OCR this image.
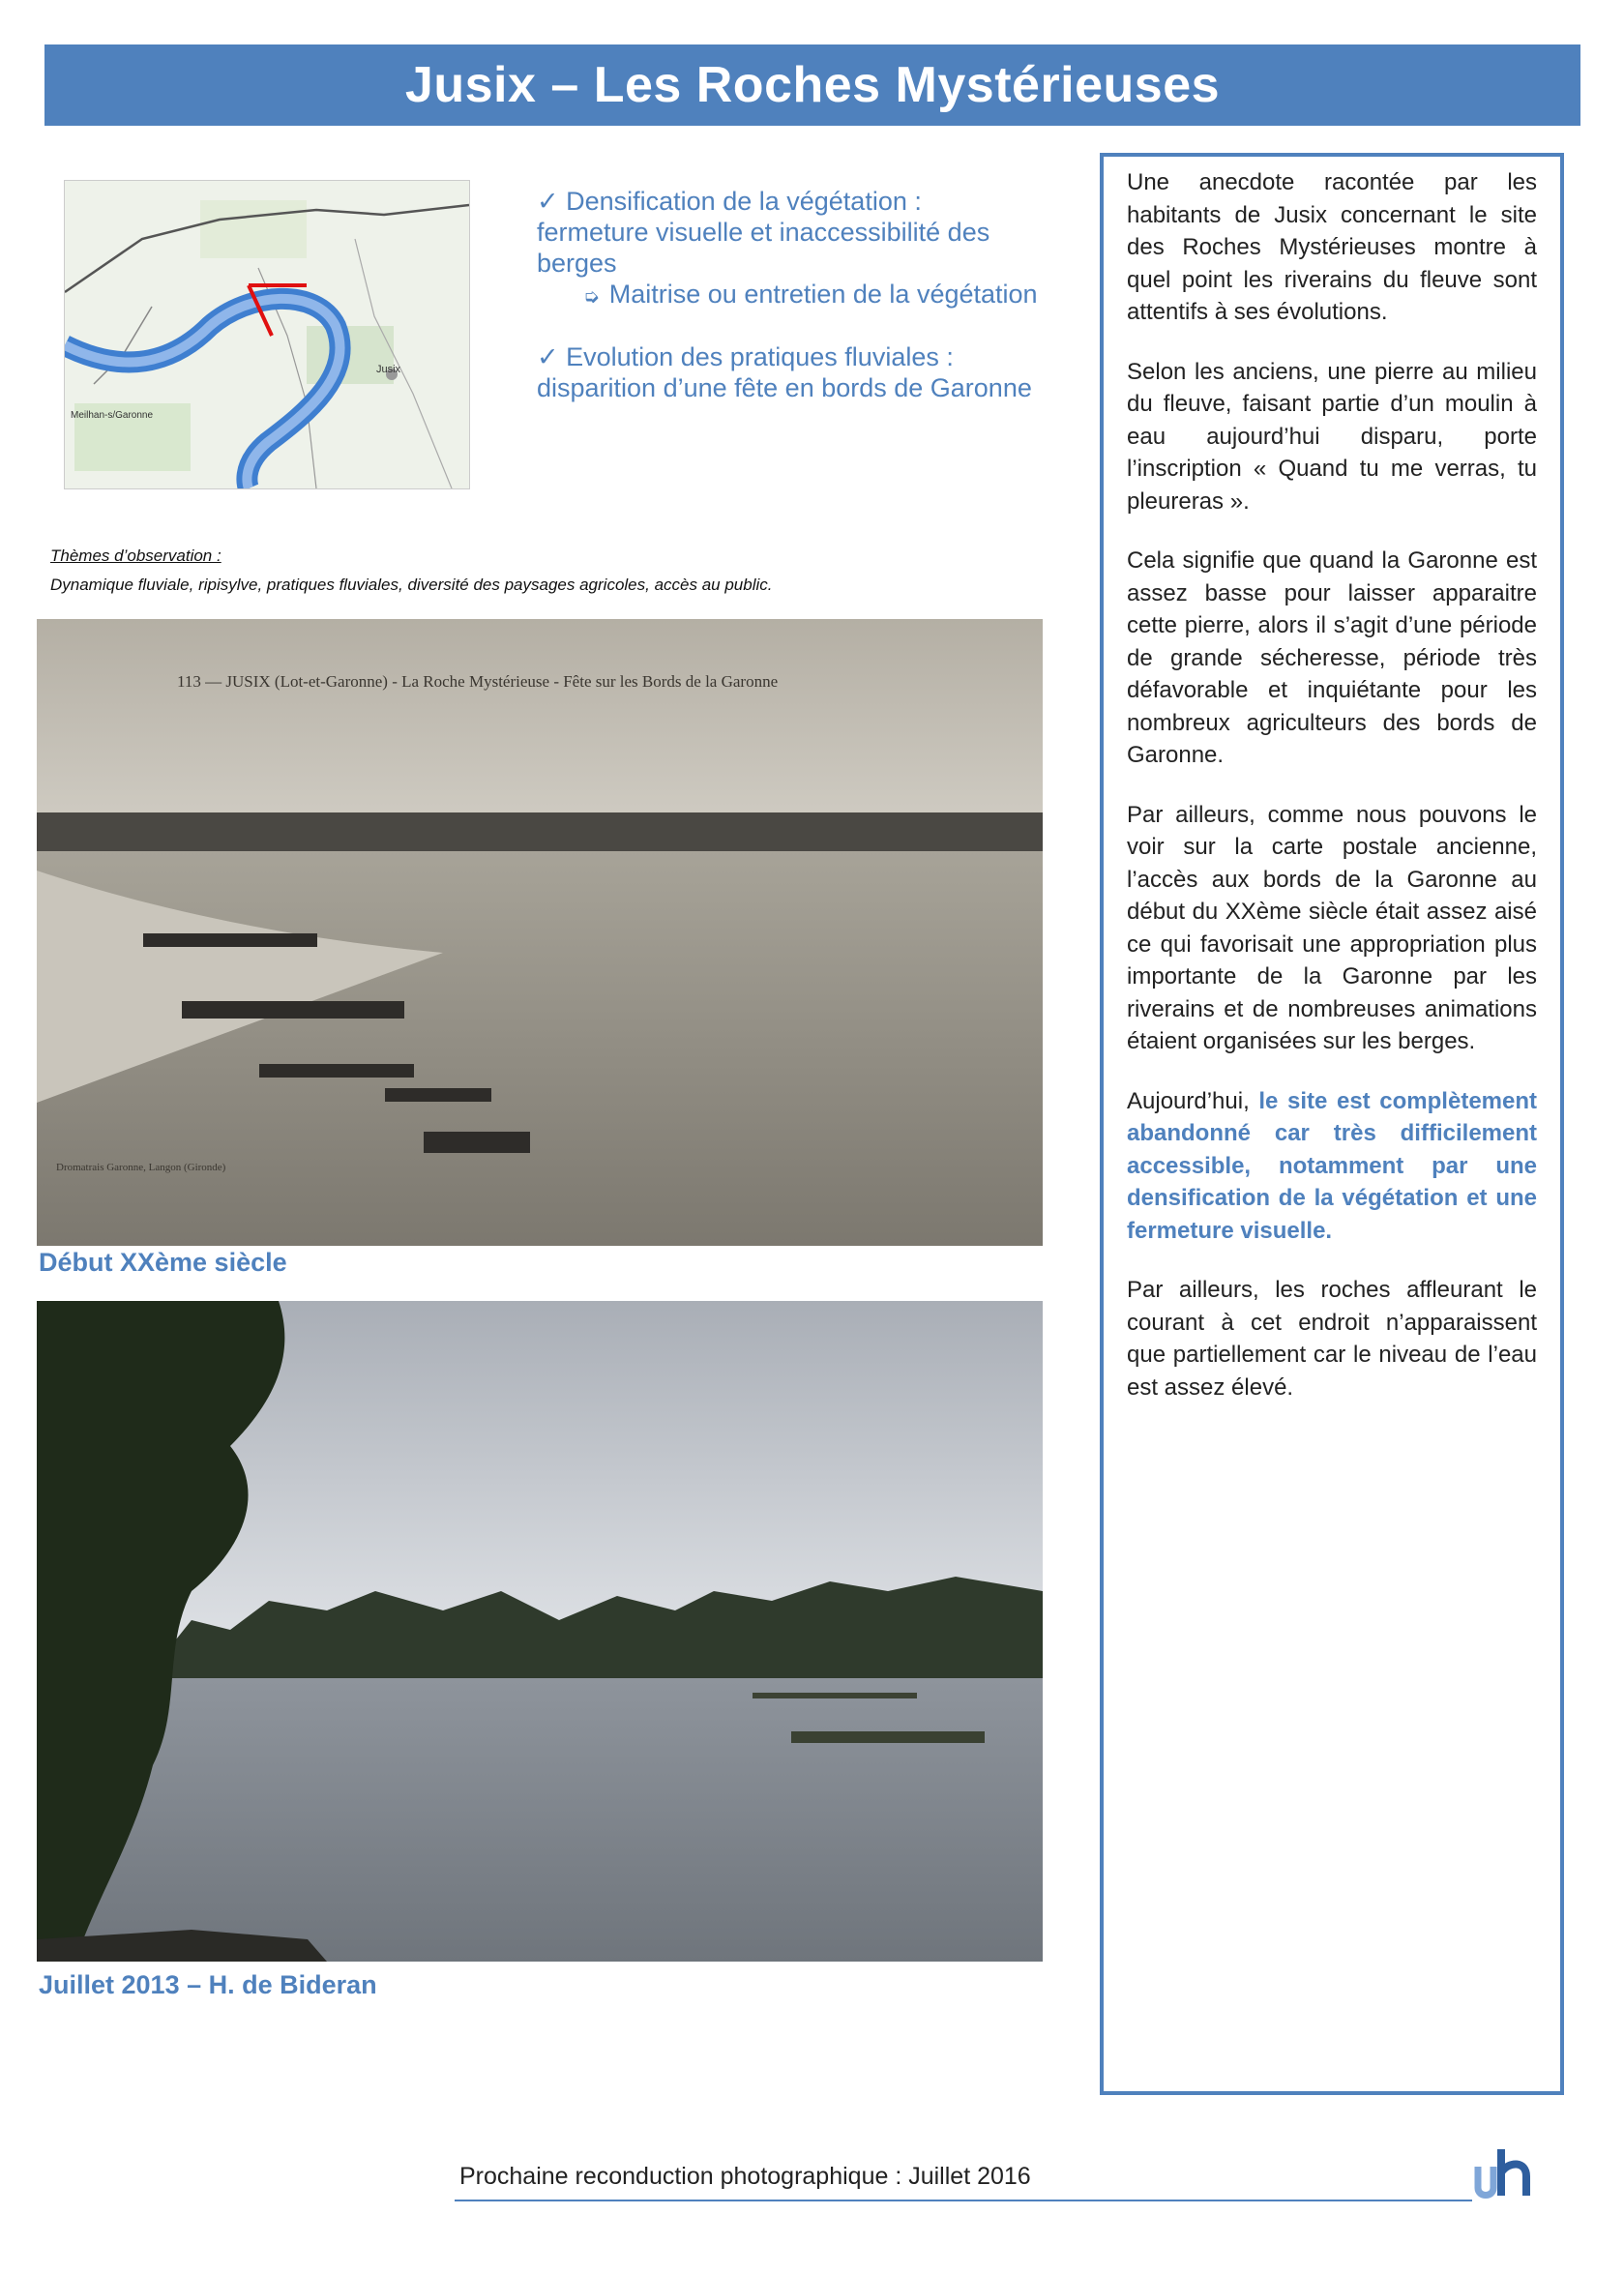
Jusix – Les Roches Mystérieuses
Jusix
Meilhan-s/Garonne

✓ Densification de la végétation : fermeture visuelle et inaccessibilité des berges

➭ Maitrise ou entretien de la végétation

✓ Evolution des pratiques fluviales : disparition d’une fête en bords de Garonne

Thèmes d’observation :
Dynamique fluviale, ripisylve, pratiques fluviales, diversité des paysages agricoles, accès au public.
113 — JUSIX (Lot-et-Garonne) - La Roche Mystérieuse - Fête sur les Bords de la Garonne
Dromatrais Garonne, Langon (Gironde)
Début XXème siècle
Juillet 2013 – H. de Bideran

Une anecdote racontée par les habitants de Jusix concernant le site des Roches Mystérieuses montre à quel point les riverains du fleuve sont attentifs à ses évolutions.

Selon les anciens, une pierre au milieu du fleuve, faisant partie d’un moulin à eau aujourd’hui disparu, porte l’inscription « Quand tu me verras, tu pleureras ».

Cela signifie que quand la Garonne est assez basse pour laisser apparaitre cette pierre, alors il s’agit d’une période de grande sécheresse, période très défavorable et inquiétante pour les nombreux agriculteurs des bords de Garonne.

Par ailleurs, comme nous pouvons le voir sur la carte postale ancienne, l’accès aux bords de la Garonne au début du XXème siècle était assez aisé ce qui favorisait une appropriation plus importante de la Garonne par les riverains et de nombreuses animations étaient organisées sur les berges.

Aujourd’hui, le site est complètement abandonné car très difficilement accessible, notamment par une densification de la végétation et une fermeture visuelle.

Par ailleurs, les roches affleurant le courant à cet endroit n’apparaissent que partiellement car le niveau de l’eau est assez élevé.

Prochaine reconduction photographique : Juillet 2016
